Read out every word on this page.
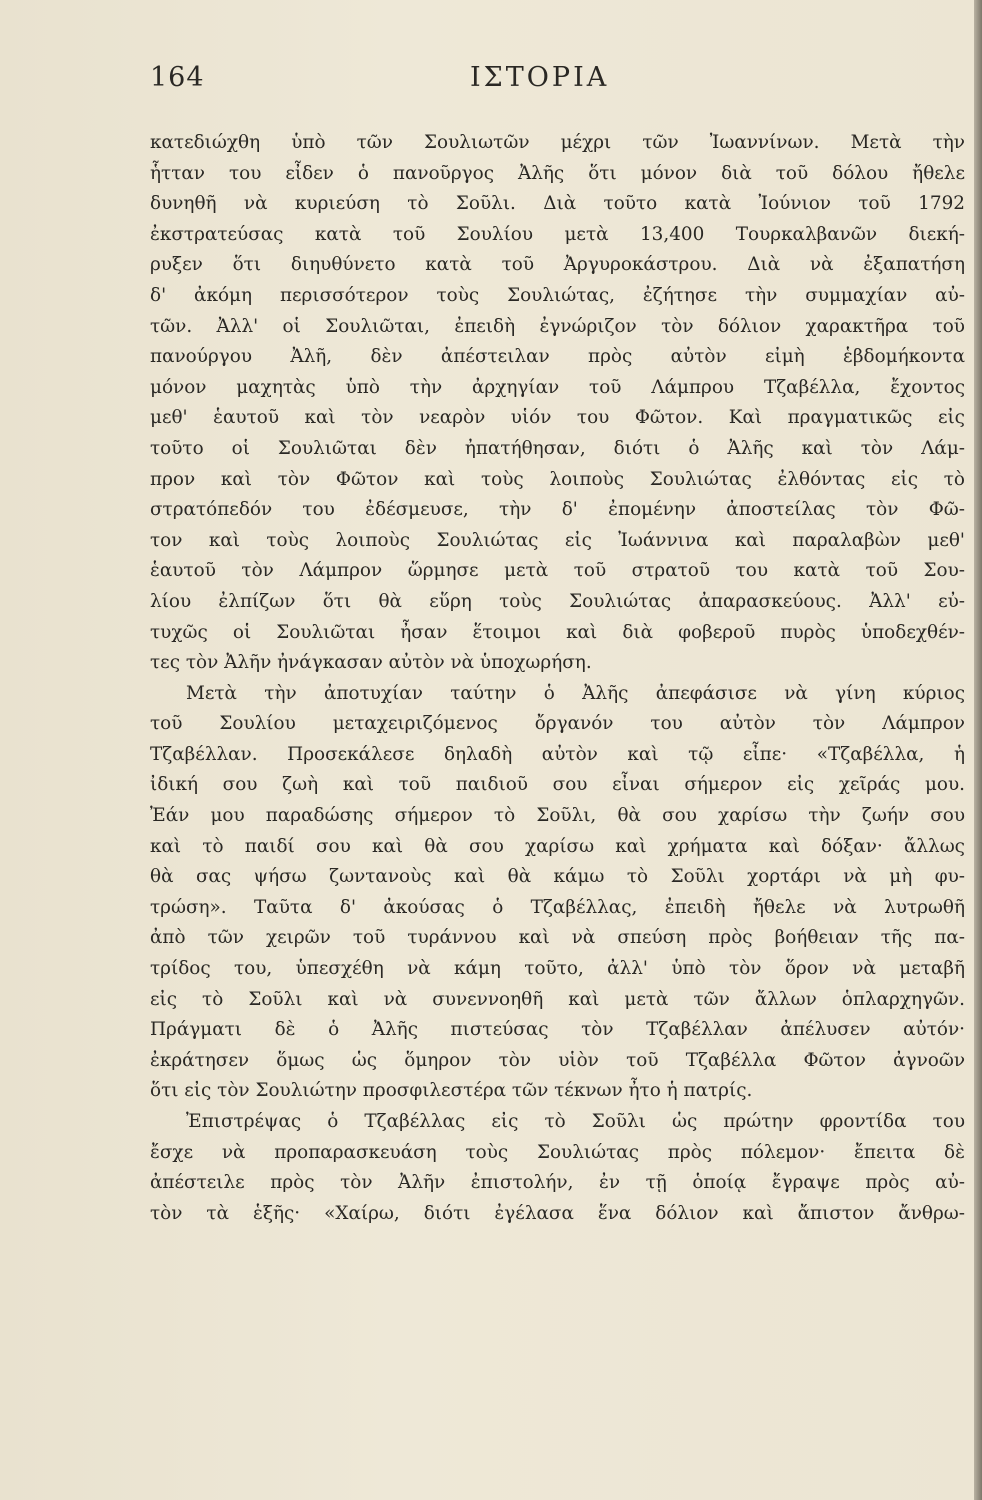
164	ΙΣΤΟΡΙΑ
κατεδιώχθη ὑπὸ τῶν Σουλιωτῶν μέχρι τῶν Ἰωαννίνων. Μετὰ τὴν
ἧτταν του εἶδεν ὁ πανοῦργος Ἀλῆς ὅτι μόνον διὰ τοῦ δόλου ἤθελε
δυνηθῆ νὰ κυριεύση τὸ Σοῦλι. Διὰ τοῦτο κατὰ Ἰούνιον τοῦ 1792
ἐκστρατεύσας κατὰ τοῦ Σουλίου μετὰ 13,400 Τουρκαλβανῶν διεκή-
ρυξεν ὅτι διηυθύνετο κατὰ τοῦ Ἀργυροκάστρου. Διὰ νὰ ἐξαπατήση
δ' ἀκόμη περισσότερον τοὺς Σουλιώτας, ἐζήτησε τὴν συμμαχίαν αὐ-
τῶν. Ἀλλ' οἱ Σουλιῶται, ἐπειδὴ ἐγνώριζον τὸν δόλιον χαρακτῆρα τοῦ
πανούργου Ἀλῆ, δὲν ἀπέστειλαν πρὸς αὐτὸν εἰμὴ ἑβδομήκοντα
μόνον μαχητὰς ὑπὸ τὴν ἀρχηγίαν τοῦ Λάμπρου Τζαβέλλα, ἔχοντος
μεθ' ἑαυτοῦ καὶ τὸν νεαρὸν υἱόν του Φῶτον. Καὶ πραγματικῶς εἰς
τοῦτο οἱ Σουλιῶται δὲν ἠπατήθησαν, διότι ὁ Ἀλῆς καὶ τὸν Λάμ-
προν καὶ τὸν Φῶτον καὶ τοὺς λοιποὺς Σουλιώτας ἐλθόντας εἰς τὸ
στρατόπεδόν του ἐδέσμευσε, τὴν δ' ἐπομένην ἀποστείλας τὸν Φῶ-
τον καὶ τοὺς λοιποὺς Σουλιώτας εἰς Ἰωάννινα καὶ παραλαβὼν μεθ'
ἑαυτοῦ τὸν Λάμπρον ὥρμησε μετὰ τοῦ στρατοῦ του κατὰ τοῦ Σου-
λίου ἐλπίζων ὅτι θὰ εὕρη τοὺς Σουλιώτας ἀπαρασκεύους. Ἀλλ' εὐ-
τυχῶς οἱ Σουλιῶται ἦσαν ἕτοιμοι καὶ διὰ φοβεροῦ πυρὸς ὑποδεχθέν-
τες τὸν Ἀλῆν ἠνάγκασαν αὐτὸν νὰ ὑποχωρήση.
Μετὰ τὴν ἀποτυχίαν ταύτην ὁ Ἀλῆς ἀπεφάσισε νὰ γίνη κύριος
τοῦ Σουλίου μεταχειριζόμενος ὄργανόν του αὐτὸν τὸν Λάμπρον
Τζαβέλλαν. Προσεκάλεσε δηλαδὴ αὐτὸν καὶ τῷ εἶπε· «Τζαβέλλα, ἡ
ἰδική σου ζωὴ καὶ τοῦ παιδιοῦ σου εἶναι σήμερον εἰς χεῖράς μου.
Ἐάν μου παραδώσης σήμερον τὸ Σοῦλι, θὰ σου χαρίσω τὴν ζωήν σου
καὶ τὸ παιδί σου καὶ θὰ σου χαρίσω καὶ χρήματα καὶ δόξαν· ἄλλως
θὰ σας ψήσω ζωντανοὺς καὶ θὰ κάμω τὸ Σοῦλι χορτάρι νὰ μὴ φυ-
τρώση». Ταῦτα δ' ἀκούσας ὁ Τζαβέλλας, ἐπειδὴ ἤθελε νὰ λυτρωθῆ
ἀπὸ τῶν χειρῶν τοῦ τυράννου καὶ νὰ σπεύση πρὸς βοήθειαν τῆς πα-
τρίδος του, ὑπεσχέθη νὰ κάμη τοῦτο, ἀλλ' ὑπὸ τὸν ὅρον νὰ μεταβῆ
εἰς τὸ Σοῦλι καὶ νὰ συνεννοηθῆ καὶ μετὰ τῶν ἄλλων ὁπλαρχηγῶν.
Πράγματι δὲ ὁ Ἀλῆς πιστεύσας τὸν Τζαβέλλαν ἀπέλυσεν αὐτόν·
ἐκράτησεν ὅμως ὡς ὅμηρον τὸν υἱὸν τοῦ Τζαβέλλα Φῶτον ἀγνοῶν
ὅτι εἰς τὸν Σουλιώτην προσφιλεστέρα τῶν τέκνων ἦτο ἡ πατρίς.
Ἐπιστρέψας ὁ Τζαβέλλας εἰς τὸ Σοῦλι ὡς πρώτην φροντίδα του
ἔσχε νὰ προπαρασκευάση τοὺς Σουλιώτας πρὸς πόλεμον· ἔπειτα δὲ
ἀπέστειλε πρὸς τὸν Ἀλῆν ἐπιστολήν, ἐν τῇ ὁποίᾳ ἔγραψε πρὸς αὐ-
τὸν τὰ ἑξῆς· «Χαίρω, διότι ἐγέλασα ἕνα δόλιον καὶ ἄπιστον ἄνθρω-
